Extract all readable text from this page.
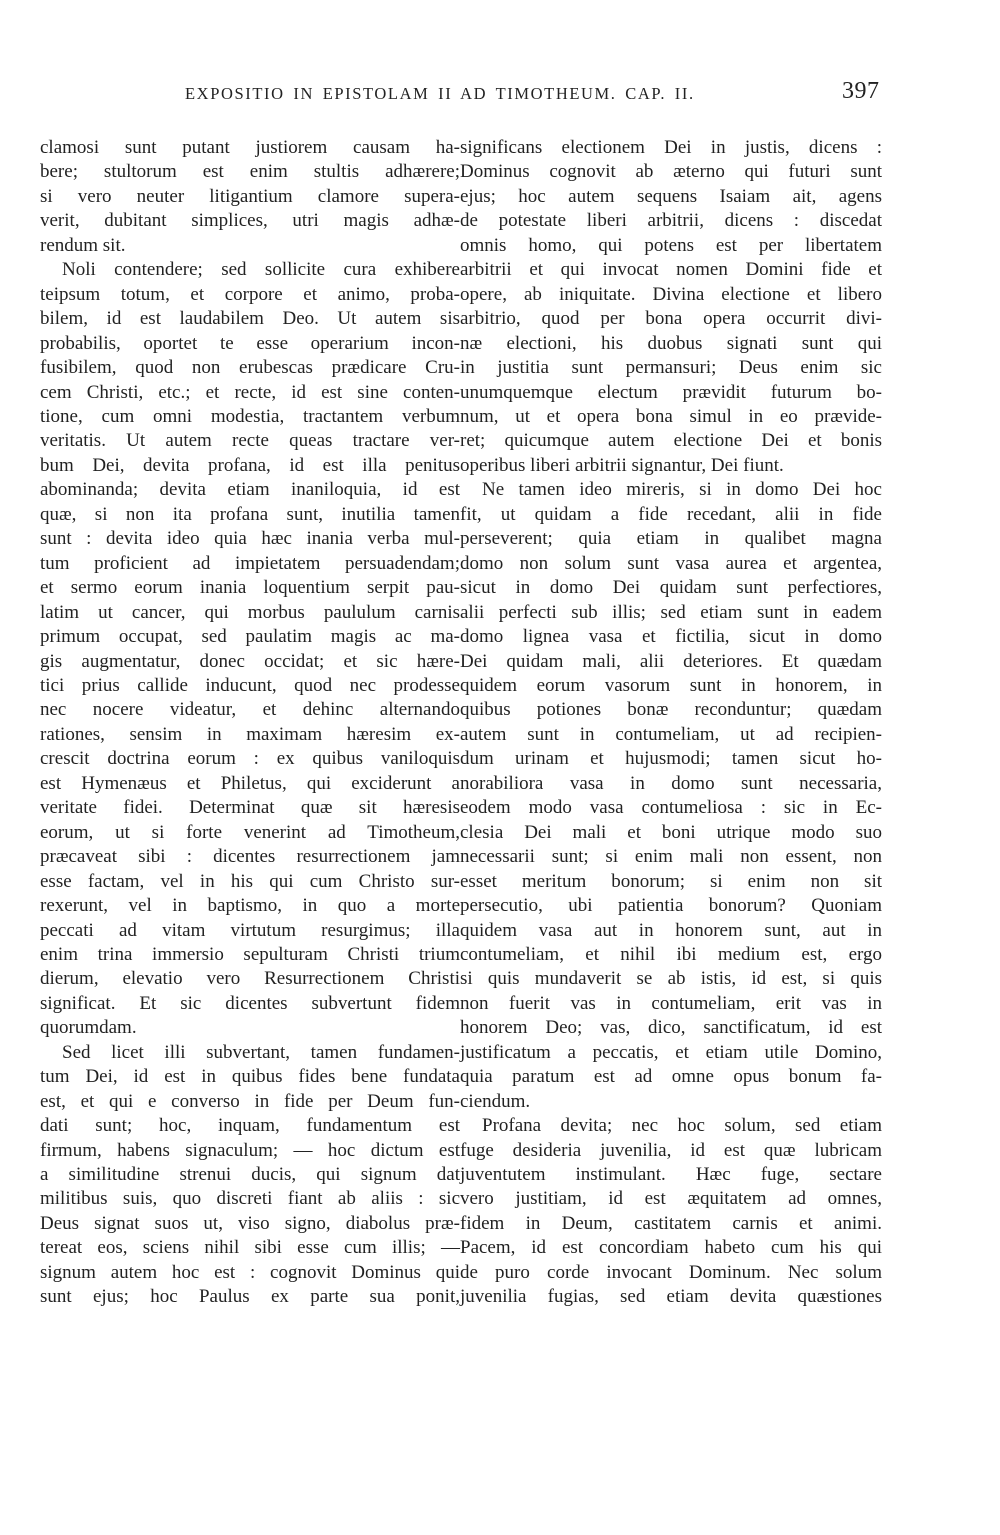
EXPOSITIO IN EPISTOLAM II AD TIMOTHEUM. CAP. II.	397
clamosi sunt putant justiorem causam ha-
bere; stultorum est enim stultis adhærere;
si vero neuter litigantium clamore supera-
verit, dubitant simplices, utri magis adhæ-
rendum sit.
Noli contendere; sed sollicite cura exhibere
teipsum totum, et corpore et animo, proba-
bilem, id est laudabilem Deo. Ut autem sis
probabilis, oportet te esse operarium incon-
fusibilem, quod non erubescas prædicare Cru-
cem Christi, etc.; et recte, id est sine conten-
tione, cum omni modestia, tractantem verbum
veritatis. Ut autem recte queas tractare ver-
bum Dei, devita profana, id est illa penitus
abominanda; devita etiam inaniloquia, id est
quæ, si non ita profana sunt, inutilia tamen
sunt : devita ideo quia hæc inania verba mul-
tum proficient ad impietatem persuadendam;
et sermo eorum inania loquentium serpit pau-
latim ut cancer, qui morbus paululum carnis
primum occupat, sed paulatim magis ac ma-
gis augmentatur, donec occidat; et sic hære-
tici prius callide inducunt, quod nec prodesse
nec nocere videatur, et dehinc alternando
rationes, sensim in maximam hæresim ex-
crescit doctrina eorum : ex quibus vaniloquis
est Hymenæus et Philetus, qui exciderunt a
veritate fidei. Determinat quæ sit hæresis
eorum, ut si forte venerint ad Timotheum,
præcaveat sibi : dicentes resurrectionem jam
esse factam, vel in his qui cum Christo sur-
rexerunt, vel in baptismo, in quo a morte
peccati ad vitam virtutum resurgimus; illa
enim trina immersio sepulturam Christi trium
dierum, elevatio vero Resurrectionem Christi
significat. Et sic dicentes subvertunt fidem
quorumdam.
Sed licet illi subvertant, tamen fundamen-
tum Dei, id est in quibus fides bene fundata
est, et qui e converso in fide per Deum fun-
dati sunt; hoc, inquam, fundamentum est
firmum, habens signaculum; — hoc dictum est
a similitudine strenui ducis, qui signum dat
militibus suis, quo discreti fiant ab aliis : sic
Deus signat suos ut, viso signo, diabolus præ-
tereat eos, sciens nihil sibi esse cum illis; —
signum autem hoc est : cognovit Dominus qui
sunt ejus; hoc Paulus ex parte sua ponit,
significans electionem Dei in justis, dicens :
Dominus cognovit ab æterno qui futuri sunt
ejus; hoc autem sequens Isaiam ait, agens
de potestate liberi arbitrii, dicens : discedat
omnis homo, qui potens est per libertatem
arbitrii et qui invocat nomen Domini fide et
opere, ab iniquitate. Divina electione et libero
arbitrio, quod per bona opera occurrit divi-
næ electioni, his duobus signati sunt qui
in justitia sunt permansuri; Deus enim sic
unumquemque electum prævidit futurum bo-
num, ut et opera bona simul in eo prævide-
ret; quicumque autem electione Dei et bonis
operibus liberi arbitrii signantur, Dei fiunt.
Ne tamen ideo mireris, si in domo Dei hoc
fit, ut quidam a fide recedant, alii in fide
perseverent; quia etiam in qualibet magna
domo non solum sunt vasa aurea et argentea,
sicut in domo Dei quidam sunt perfectiores,
alii perfecti sub illis; sed etiam sunt in eadem
domo lignea vasa et fictilia, sicut in domo
Dei quidam mali, alii deteriores. Et quædam
quidem eorum vasorum sunt in honorem, in
quibus potiones bonæ reconduntur; quædam
autem sunt in contumeliam, ut ad recipien-
dum urinam et hujusmodi; tamen sicut ho-
norabiliora vasa in domo sunt necessaria,
eodem modo vasa contumeliosa : sic in Ec-
clesia Dei mali et boni utrique modo suo
necessarii sunt; si enim mali non essent, non
esset meritum bonorum; si enim non sit
persecutio, ubi patientia bonorum? Quoniam
quidem vasa aut in honorem sunt, aut in
contumeliam, et nihil ibi medium est, ergo
si quis mundaverit se ab istis, id est, si quis
non fuerit vas in contumeliam, erit vas in
honorem Deo; vas, dico, sanctificatum, id est
justificatum a peccatis, et etiam utile Domino,
quia paratum est ad omne opus bonum fa-
ciendum.
Profana devita; nec hoc solum, sed etiam
fuge desideria juvenilia, id est quæ lubricam
juventutem instimulant. Hæc fuge, sectare
vero justitiam, id est æquitatem ad omnes,
fidem in Deum, castitatem carnis et animi.
Pacem, id est concordiam habeto cum his qui
de puro corde invocant Dominum. Nec solum
juvenilia fugias, sed etiam devita quæstiones
